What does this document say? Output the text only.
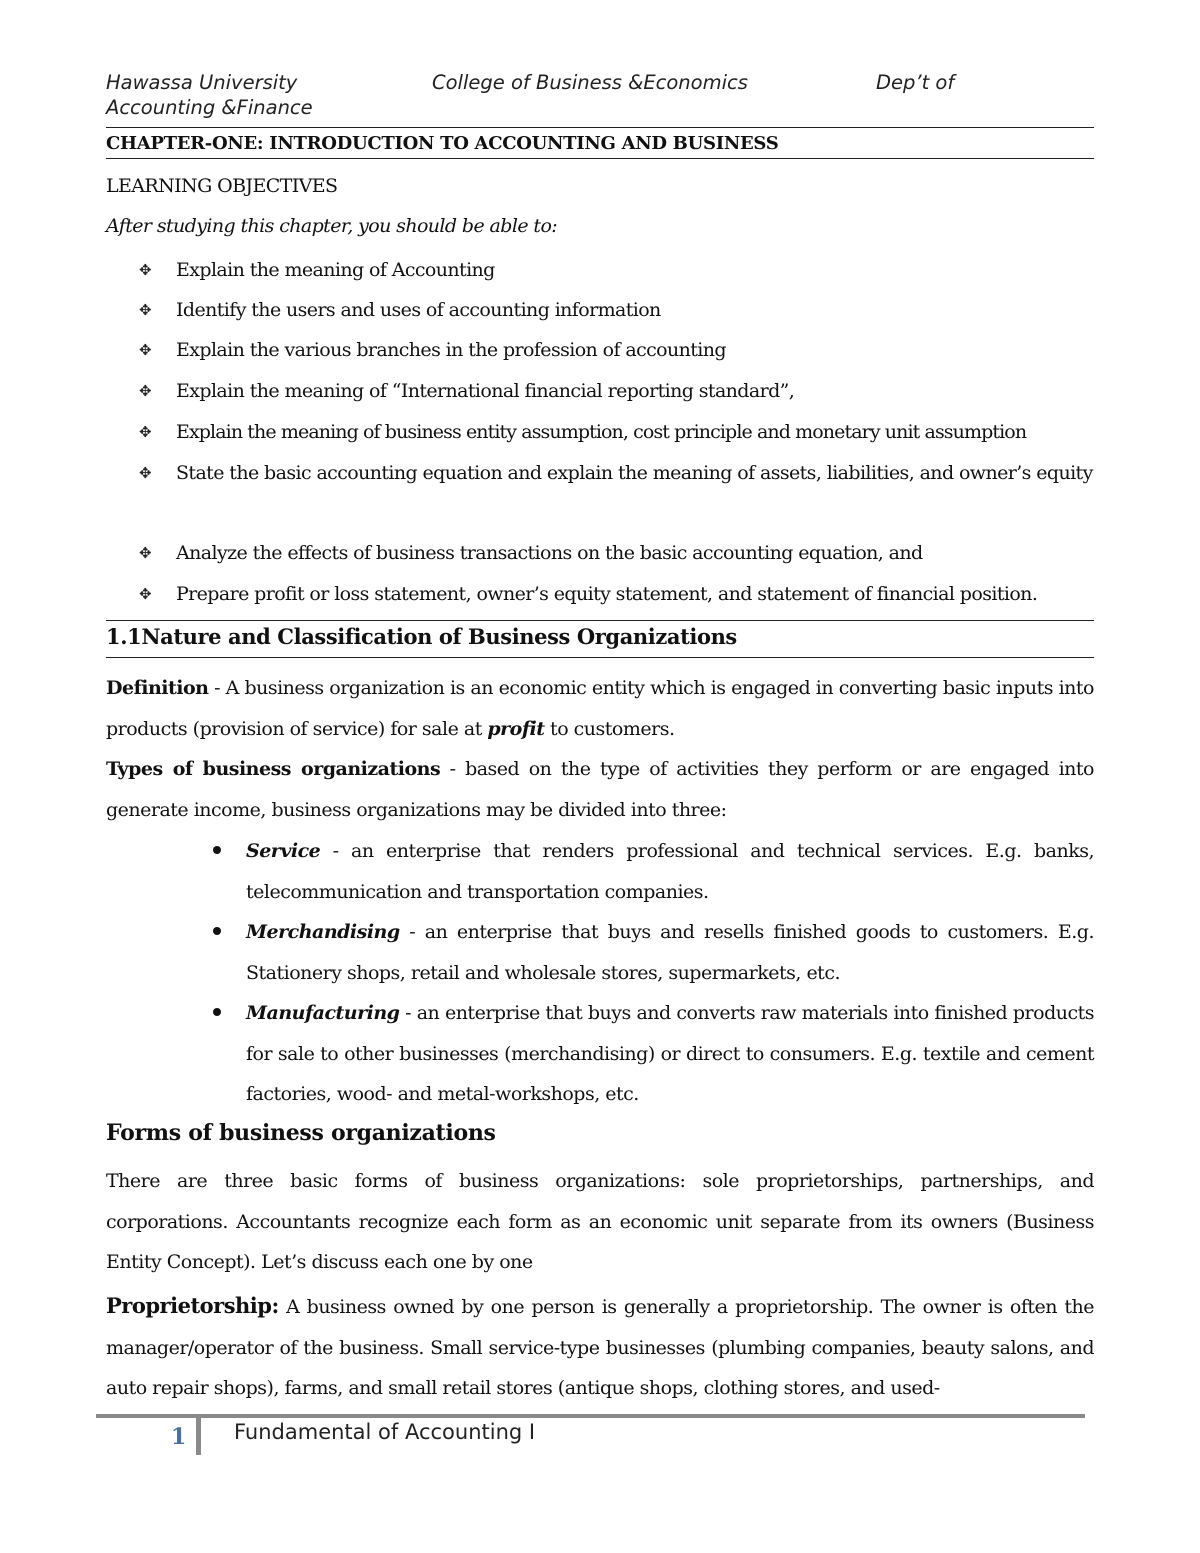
Hawassa University	College of Business &Economics	Dep’t of
Accounting &Finance
CHAPTER-ONE: INTRODUCTION TO ACCOUNTING AND BUSINESS
LEARNING OBJECTIVES
After studying this chapter, you should be able to:
✥ Explain the meaning of Accounting
✥ Identify the users and uses of accounting information
✥ Explain the various branches in the profession of accounting
✥ Explain the meaning of “International financial reporting standard”,
✥ Explain the meaning of business entity assumption, cost principle and monetary unit assumption
✥ State the basic accounting equation and explain the meaning of assets, liabilities, and owner’s equity
✥ Analyze the effects of business transactions on the basic accounting equation, and
✥ Prepare profit or loss statement, owner’s equity statement, and statement of financial position.
1.1Nature and Classification of Business Organizations
Definition - A business organization is an economic entity which is engaged in converting basic inputs into products (provision of service) for sale at profit to customers.
Types of business organizations - based on the type of activities they perform or are engaged into generate income, business organizations may be divided into three:
Service - an enterprise that renders professional and technical services. E.g. banks, telecommunication and transportation companies.
Merchandising - an enterprise that buys and resells finished goods to customers. E.g. Stationery shops, retail and wholesale stores, supermarkets, etc.
Manufacturing - an enterprise that buys and converts raw materials into finished products for sale to other businesses (merchandising) or direct to consumers. E.g. textile and cement factories, wood- and metal-workshops, etc.
Forms of business organizations
There are three basic forms of business organizations: sole proprietorships, partnerships, and corporations. Accountants recognize each form as an economic unit separate from its owners (Business Entity Concept). Let’s discuss each one by one
Proprietorship: A business owned by one person is generally a proprietorship. The owner is often the manager/operator of the business. Small service-type businesses (plumbing companies, beauty salons, and auto repair shops), farms, and small retail stores (antique shops, clothing stores, and used-
1 Fundamental of Accounting I
